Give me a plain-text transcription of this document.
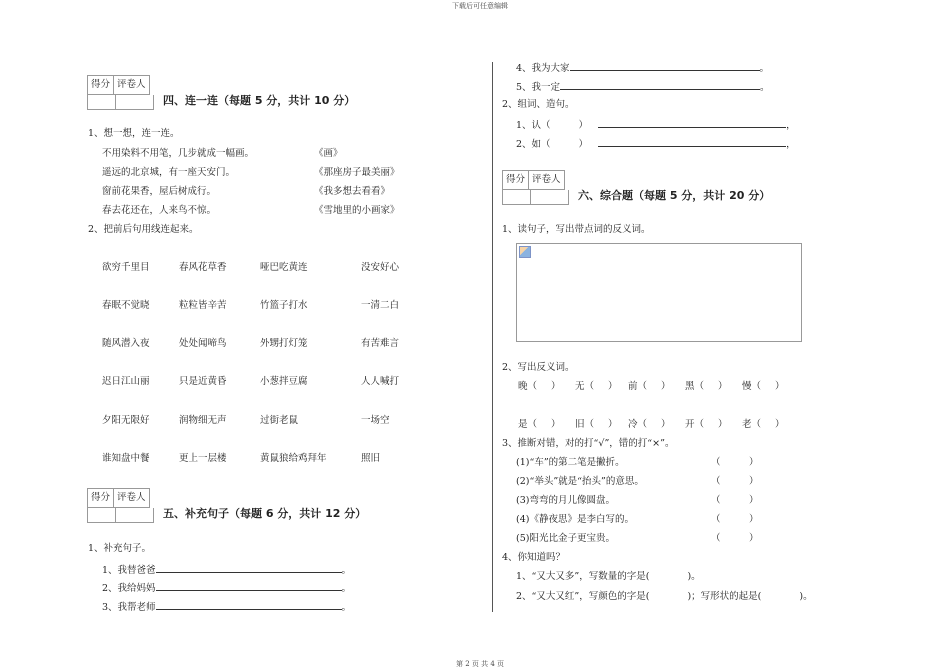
下载后可任意编辑
第 2 页 共 4 页
得分 评卷人
四、连一连（每题 5 分，共计 10 分）
1、想一想，连一连。
不用染料不用笔，几步就成一幅画。	《画》
遥远的北京城，有一座天安门。	《那座房子最美丽》
窗前花果香，屋后树成行。	《我多想去看看》
春去花还在，人来鸟不惊。	《雪地里的小画家》
2、把前后句用线连起来。
欲穷千里目	春风花草香	哑巴吃黄连	没安好心
春眠不觉晓	粒粒皆辛苦	竹篮子打水	一清二白
随风潜入夜	处处闻啼鸟	外甥打灯笼	有苦难言
迟日江山丽	只是近黄昏	小葱拌豆腐	人人喊打
夕阳无限好	润物细无声	过街老鼠	一场空
谁知盘中餐	更上一层楼	黄鼠狼给鸡拜年	照旧
得分 评卷人
五、补充句子（每题 6 分，共计 12 分）
1、补充句子。
1、我替爸爸	。
2、我给妈妈	。
3、我帮老师	。
4、我为大家	。
5、我一定	。
2、组词、造句。
1、认（	）	，
2、如（	）	，
得分 评卷人
六、综合题（每题 5 分，共计 20 分）
1、读句子，写出带点词的反义词。
2、写出反义词。
晚（ ） 无（ ） 前（ ） 黑（ ） 慢（ ）
是（ ） 旧（ ） 冷（ ） 开（ ） 老（ ）
3、推断对错，对的打“√”，错的打“×”。
(1)“车”的第二笔是撇折。	（　　　）
(2)“举头”就是“抬头”的意思。	（　　　）
(3)弯弯的月儿像圆盘。	（　　　）
(4)《静夜思》是李白写的。	（　　　）
(5)阳光比金子更宝贵。	（　　　）
4、你知道吗？
1、“又大又多”，写数量的字是(　　　　)。
2、“又大又红”，写颜色的字是(　　　　)；写形状的起是(　　　　)。
